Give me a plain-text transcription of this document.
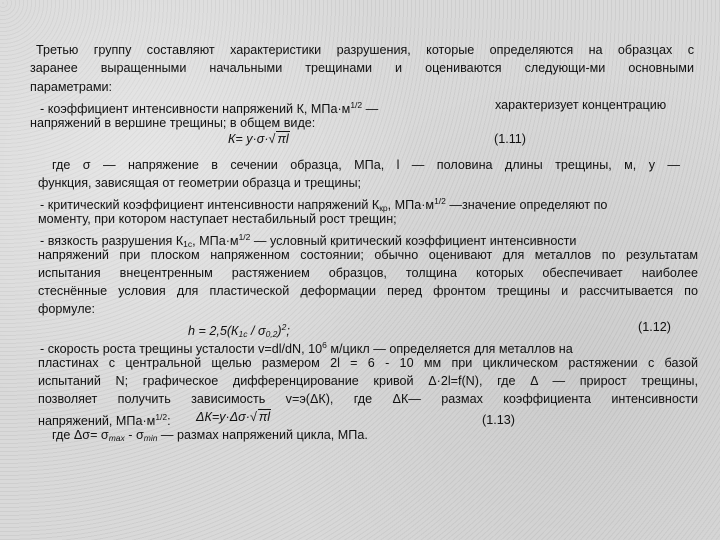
Третью группу составляют характеристики разрушения, которые определяются на образцах с

заранее выращенными начальными трещинами и оцениваются следующи-ми основными

параметрами:

- коэффициент интенсивности напряжений К, $МПа\cdot м^{1/2}$ —

	характеризует концентрацию

напряжений в вершине трещины; в общем виде:

К= у·σ·√ πl

	(1.11)

где σ — напряжение в сечении образца, МПа, l — половина длины трещины, м, у —

функция, зависящая от геометрии образца и трещины;

- критический коэффициент интенсивности напряжений $К_{кр}$, $МПа\cdot м^{1/2}$ —значение определяют по

моменту, при котором наступает нестабильный рост трещин;

- вязкость разрушения $К_{1с}$, $МПа\cdot м^{1/2}$ — условный критический коэффициент интенсивности

напряжений при плоском напряженном состоянии; обычно оценивают для металлов по результатам

испытания внецентренным растяжением образцов, толщина которых обеспечивает наиболее

стеснённые условия для пластической деформации перед фронтом трещины и рассчитывается по

формуле:

$h = 2,5(К_{1с} / \sigma_{0,2})^2$;

	(1.12)

- скорость роста трещины усталости v=dl/dN, $10^6$ м/цикл — определяется для металлов на

пластинах с центральной щелью размером 2l = 6 - 10 мм при циклическом растяжении с базой

испытаний N; графическое дифференцирование кривой Δ·2l=f(N), где Δ — прирост трещины,

позволяет получить зависимость v=э(ΔК), где ΔК— размах коэффициента интенсивности

напряжений, $МПа\cdot м^{1/2}$:

ΔК=у·Δσ·√ πl

	(1.13)

где $\Delta\sigma= \sigma_{max} - \sigma_{min}$ — размах напряжений цикла, МПа.
